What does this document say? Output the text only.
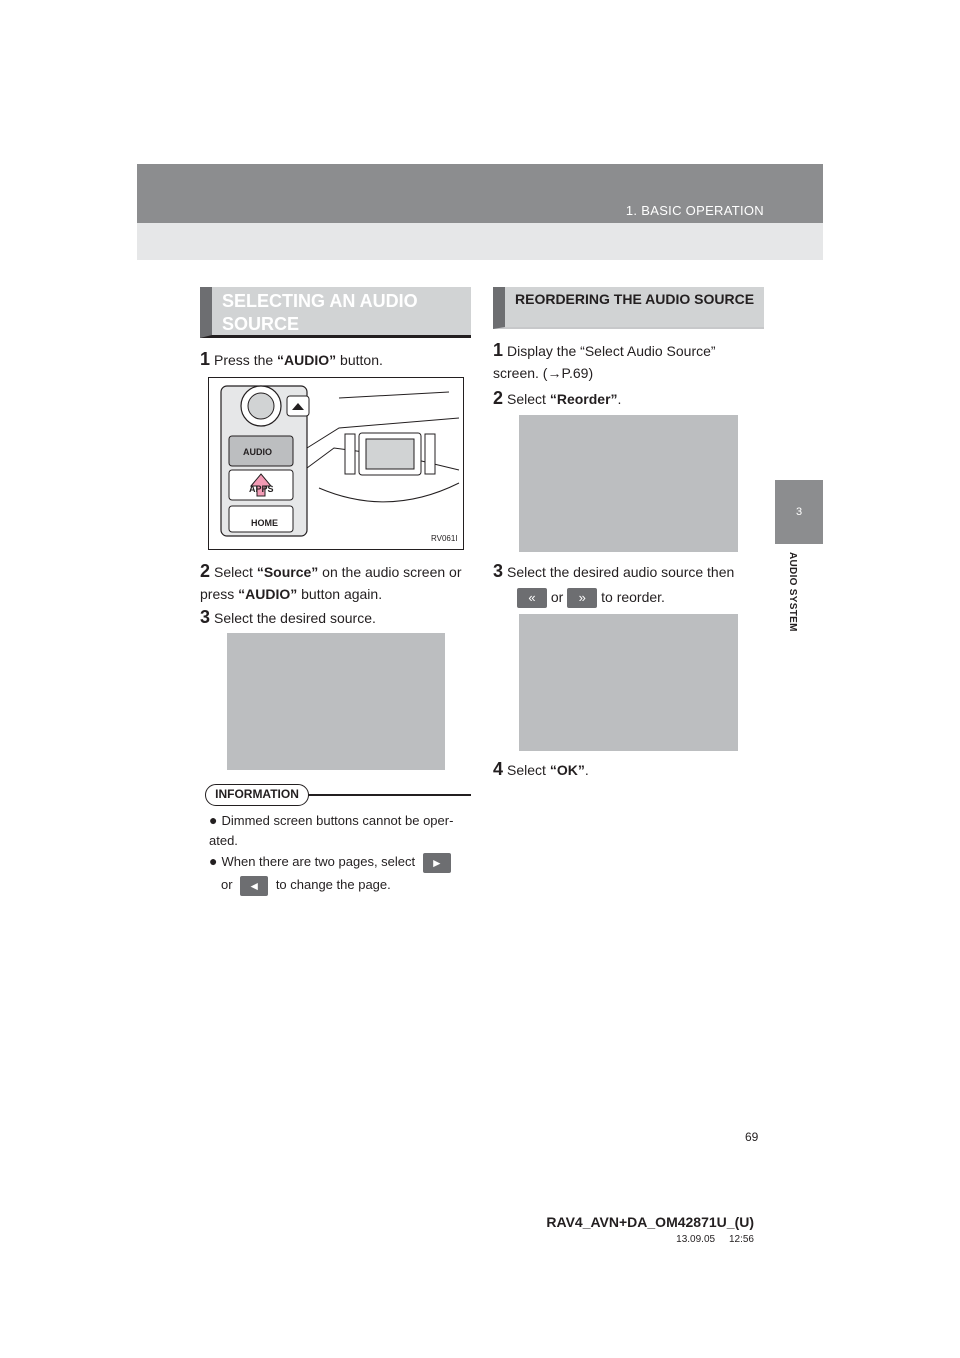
1. BASIC OPERATION
3
AUDIO SYSTEM
SELECTING AN AUDIO SOURCE
1 Press the “AUDIO” button.
AUDIO
APPS
HOME
RV061I
2 Select “Source” on the audio screen or press “AUDIO” button again.
3 Select the desired source.
INFORMATION
● Dimmed screen buttons cannot be oper-ated.
● When there are two pages, select ►
or ◄ to change the page.
REORDERING THE AUDIO SOURCE
1 Display the “Select Audio Source” screen. (→P.69)
2 Select “Reorder”.
3 Select the desired audio source then
« or » to reorder.
4 Select “OK”.
69
RAV4_AVN+DA_OM42871U_(U)
13.09.05     12:56
